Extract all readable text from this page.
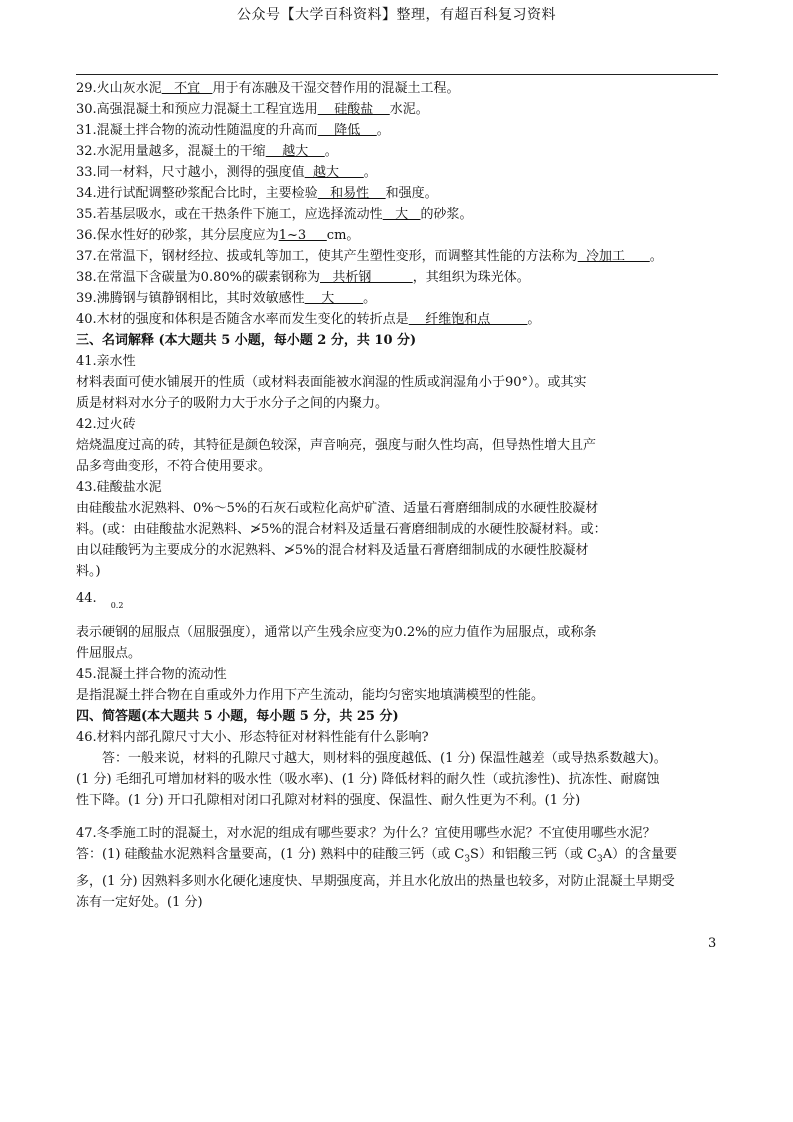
公众号【大学百科资料】整理，有超百科复习资料
29.火山灰水泥   不宜   用于有冻融及干湿交替作用的混凝土工程。
30.高强混凝土和预应力混凝土工程宜选用    硅酸盐    水泥。
31.混凝土拌合物的流动性随温度的升高而    降低    。
32.水泥用量越多，混凝土的干缩    越大    。
33.同一材料，尺寸越小，测得的强度值  越大      。
34.进行试配调整砂浆配合比时，主要检验   和易性    和强度。
35.若基层吸水，或在干热条件下施工，应选择流动性   大   的砂浆。
36.保水性好的砂浆，其分层度应为1~3     cm。
37.在常温下，钢材经拉、拔或轧等加工，使其产生塑性变形，而调整其性能的方法称为  冷加工      。
38.在常温下含碳量为0.80%的碳素钢称为   共析钢          ，其组织为珠光体。
39.沸腾钢与镇静钢相比，其时效敏感性    大       。
40.木材的强度和体积是否随含水率而发生变化的转折点是    纤维饱和点         。
三、名词解释 (本大题共 5 小题，每小题 2 分，共 10 分)
41.亲水性
材料表面可使水铺展开的性质（或材料表面能被水润湿的性质或润湿角小于90°）。或其实
质是材料对水分子的吸附力大于水分子之间的内聚力。
42.过火砖
焙烧温度过高的砖，其特征是颜色较深，声音响亮，强度与耐久性均高，但导热性增大且产
品多弯曲变形，不符合使用要求。
43.硅酸盐水泥
由硅酸盐水泥熟料、0%～5%的石灰石或粒化高炉矿渣、适量石膏磨细制成的水硬性胶凝材
料。(或：由硅酸盐水泥熟料、≯5%的混合材料及适量石膏磨细制成的水硬性胶凝材料。或：
由以硅酸钙为主要成分的水泥熟料、≯5%的混合材料及适量石膏磨细制成的水硬性胶凝材
料。)
44. $_{0.2}$
表示硬钢的屈服点（屈服强度），通常以产生残余应变为0.2%的应力值作为屈服点，或称条
件屈服点。
45.混凝土拌合物的流动性
是指混凝土拌合物在自重或外力作用下产生流动，能均匀密实地填满模型的性能。
四、简答题(本大题共 5 小题，每小题 5 分，共 25 分)
46.材料内部孔隙尺寸大小、形态特征对材料性能有什么影响?
答：一般来说，材料的孔隙尺寸越大，则材料的强度越低、(1 分) 保温性越差（或导热系数越大)。
(1 分) 毛细孔可增加材料的吸水性（吸水率)、(1 分) 降低材料的耐久性（或抗渗性)、抗冻性、耐腐蚀
性下降。(1 分) 开口孔隙相对闭口孔隙对材料的强度、保温性、耐久性更为不利。(1 分)
47.冬季施工时的混凝土，对水泥的组成有哪些要求？为什么？宜使用哪些水泥？不宜使用哪些水泥？
答：(1) 硅酸盐水泥熟料含量要高，(1 分) 熟料中的硅酸三钙（或 $C_3S$）和铝酸三钙（或 $C_3A$）的含量要
多，(1 分) 因熟料多则水化硬化速度快、早期强度高，并且水化放出的热量也较多，对防止混凝土早期受
冻有一定好处。(1 分)
3
